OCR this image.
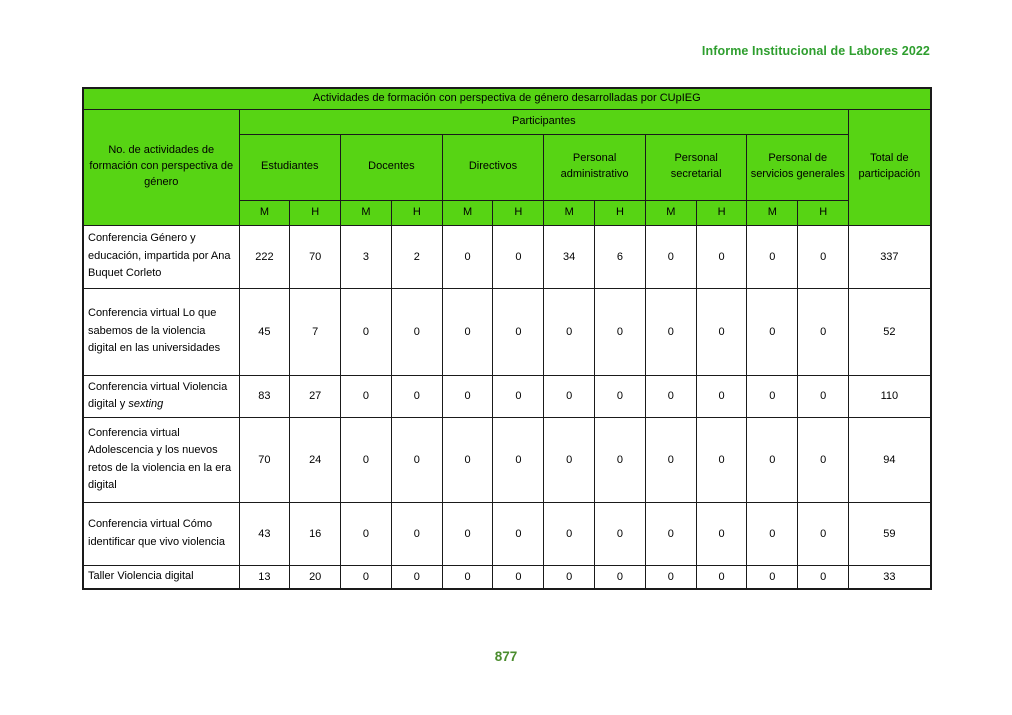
Informe Institucional de Labores 2022
Actividades de formación con perspectiva de género desarrolladas por CUpIEG													
No. de actividades de formación con perspectiva de género	Participantes												Total de participación
	Estudiantes		Docentes		Directivos		Personal administrativo		Personal secretarial		Personal de servicios generales		
	M	H	M	H	M	H	M	H	M	H	M	H	
Conferencia Género y educación, impartida por Ana Buquet Corleto	222	70	3	2	0	0	34	6	0	0	0	0	337
Conferencia virtual Lo que sabemos de la violencia digital en las universidades	45	7	0	0	0	0	0	0	0	0	0	0	52
Conferencia virtual Violencia digital y sexting	83	27	0	0	0	0	0	0	0	0	0	0	110
Conferencia virtual Adolescencia y los nuevos retos de la violencia en la era digital	70	24	0	0	0	0	0	0	0	0	0	0	94
Conferencia virtual Cómo identificar que vivo violencia	43	16	0	0	0	0	0	0	0	0	0	0	59
Taller Violencia digital	13	20	0	0	0	0	0	0	0	0	0	0	33
877
